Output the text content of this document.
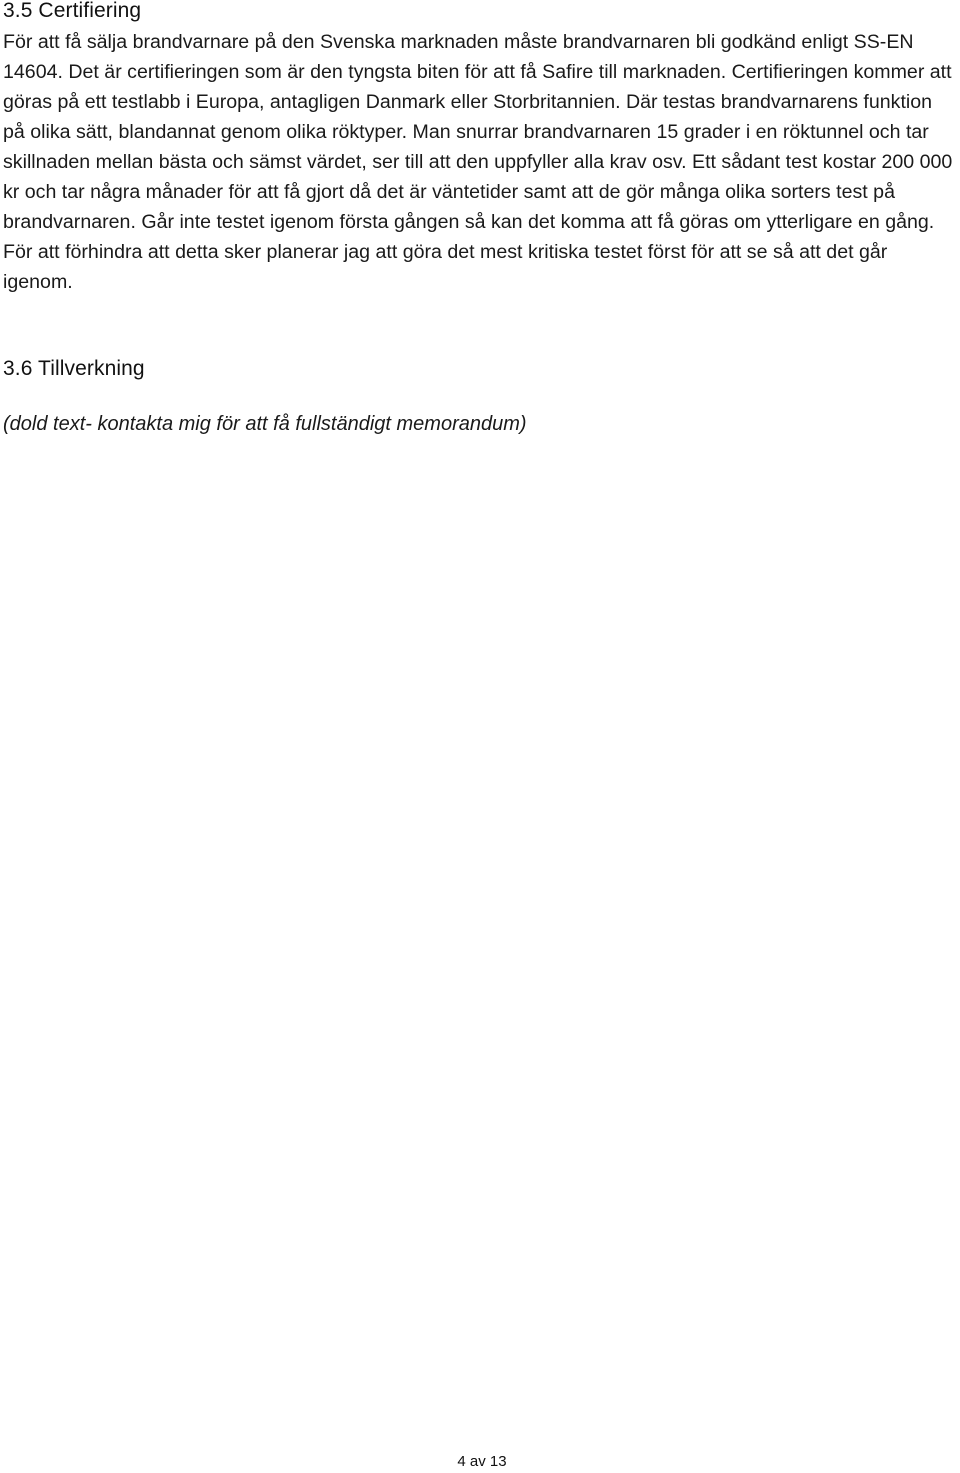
3.5 Certifiering

För att få sälja brandvarnare på den Svenska marknaden måste brandvarnaren bli godkänd enligt SS-EN 14604. Det är certifieringen som är den tyngsta biten för att få Safire till marknaden. Certifieringen kommer att göras på ett testlabb i Europa, antagligen Danmark eller Storbritannien. Där testas brandvarnarens funktion på olika sätt, blandannat genom olika röktyper. Man snurrar brandvarnaren 15 grader i en röktunnel och tar skillnaden mellan bästa och sämst värdet, ser till att den uppfyller alla krav osv. Ett sådant test kostar 200 000 kr och tar några månader för att få gjort då det är väntetider samt att de gör många olika sorters test på brandvarnaren. Går inte testet igenom första gången så kan det komma att få göras om ytterligare en gång. För att förhindra att detta sker planerar jag att göra det mest kritiska testet först för att se så att det går igenom.

3.6 Tillverkning

(dold text- kontakta mig för att få fullständigt memorandum)

4 av 13
